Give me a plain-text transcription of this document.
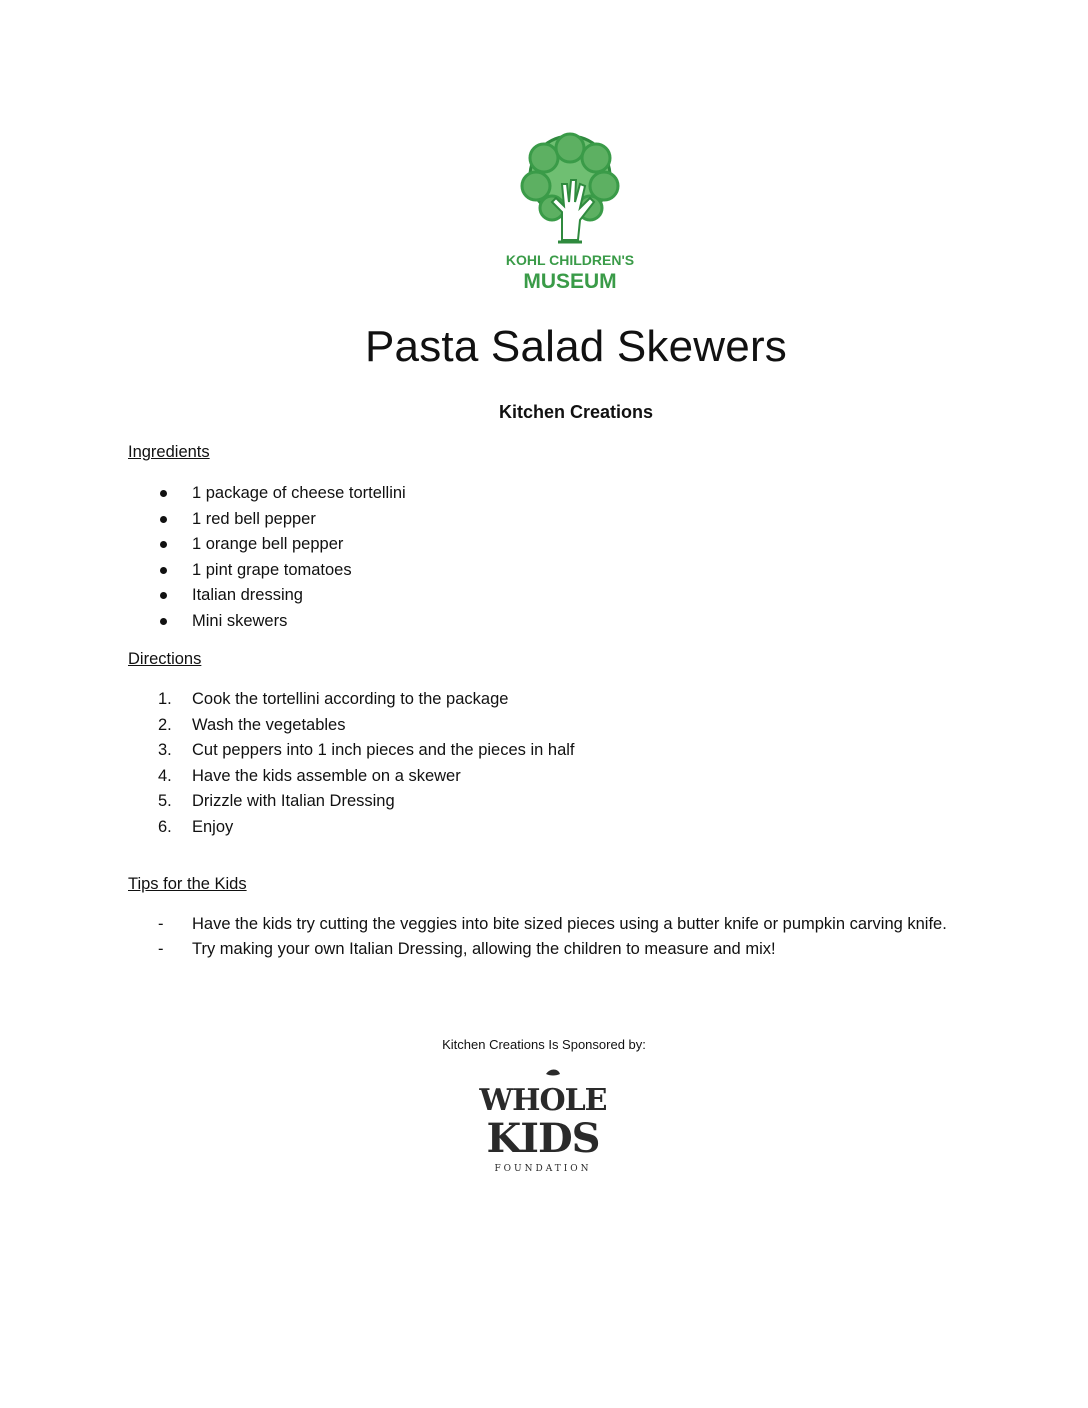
KOHL CHILDREN'S
MUSEUM
Pasta Salad Skewers
Kitchen Creations
Ingredients
1 package of cheese tortellini
1 red bell pepper
1 orange bell pepper
1 pint grape tomatoes
Italian dressing
Mini skewers
Directions
1.	Cook the tortellini according to the package
2.	Wash the vegetables
3.	Cut peppers into 1 inch pieces and the pieces in half
4.	Have the kids assemble on a skewer
5.	Drizzle with Italian Dressing
6.	Enjoy
Tips for the Kids
-	Have the kids try cutting the veggies into bite sized pieces using a butter knife or pumpkin carving knife.
-	Try making your own Italian Dressing, allowing the children to measure and mix!
Kitchen Creations Is Sponsored by:
WHOLE
KIDS
FOUNDATION
